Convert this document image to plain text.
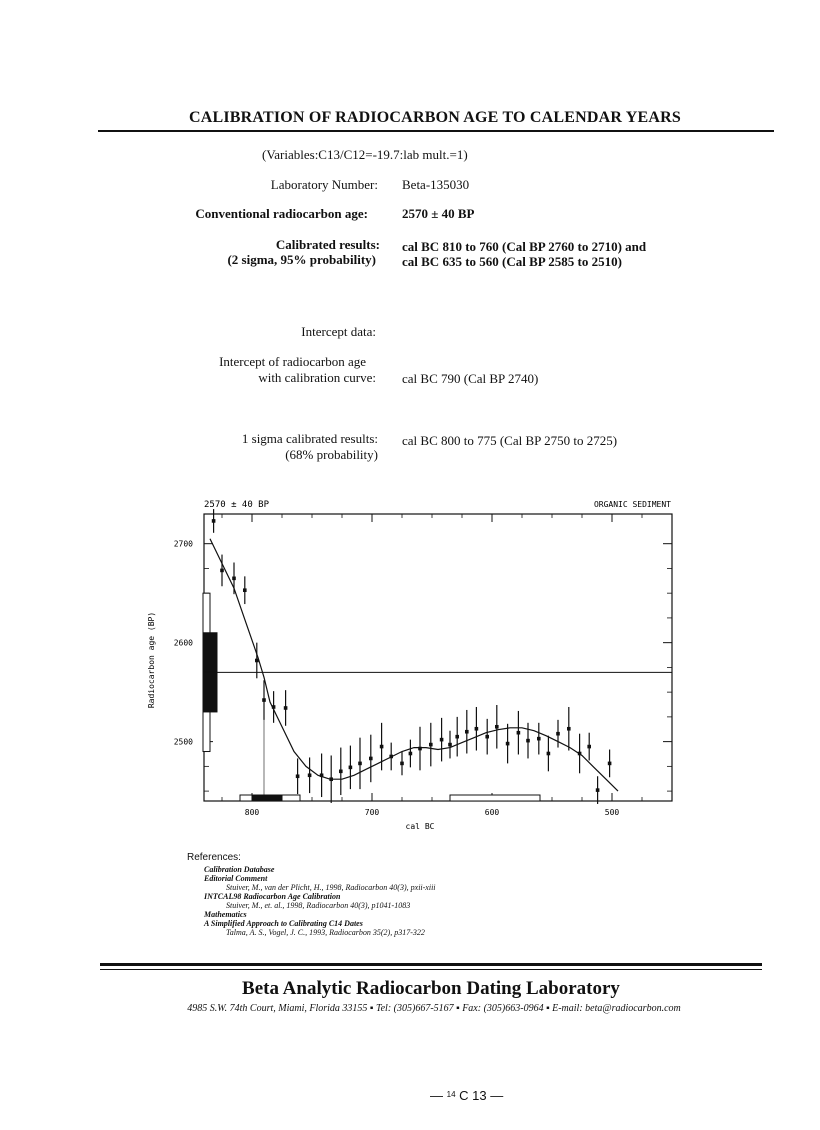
CALIBRATION OF RADIOCARBON AGE TO CALENDAR YEARS
(Variables:C13/C12=-19.7:lab mult.=1)
Laboratory Number: Beta-135030
Conventional radiocarbon age:	2570 ± 40 BP
Calibrated results:
(2 sigma, 95% probability)
cal BC 810 to 760 (Cal BP 2760 to 2710) and
cal BC 635 to 560 (Cal BP 2585 to 2510)
Intercept data:
Intercept of radiocarbon age
with calibration curve: cal BC 790 (Cal BP 2740)
1 sigma calibrated results:
(68% probability)
cal BC 800 to 775 (Cal BP 2750 to 2725)
2570 ± 40 BP	ORGANIC SEDIMENT
cal BC
Radiocarbon age (BP)
800	700	600	500
2700
2600
2500
References:
Calibration Database
Editorial Comment
Stuiver, M., van der Plicht, H., 1998, Radiocarbon 40(3), pxii-xiii
INTCAL98 Radiocarbon Age Calibration
Stuiver, M., et. al., 1998, Radiocarbon 40(3), p1041-1083
Mathematics
A Simplified Approach to Calibrating C14 Dates
Talma, A. S., Vogel, J. C., 1993, Radiocarbon 35(2), p317-322
Beta Analytic Radiocarbon Dating Laboratory
4985 S.W. 74th Court, Miami, Florida 33155 ▪ Tel: (305)667-5167 ▪ Fax: (305)663-0964 ▪ E-mail: beta@radiocarbon.com
— $^{14}$ C 13 —
